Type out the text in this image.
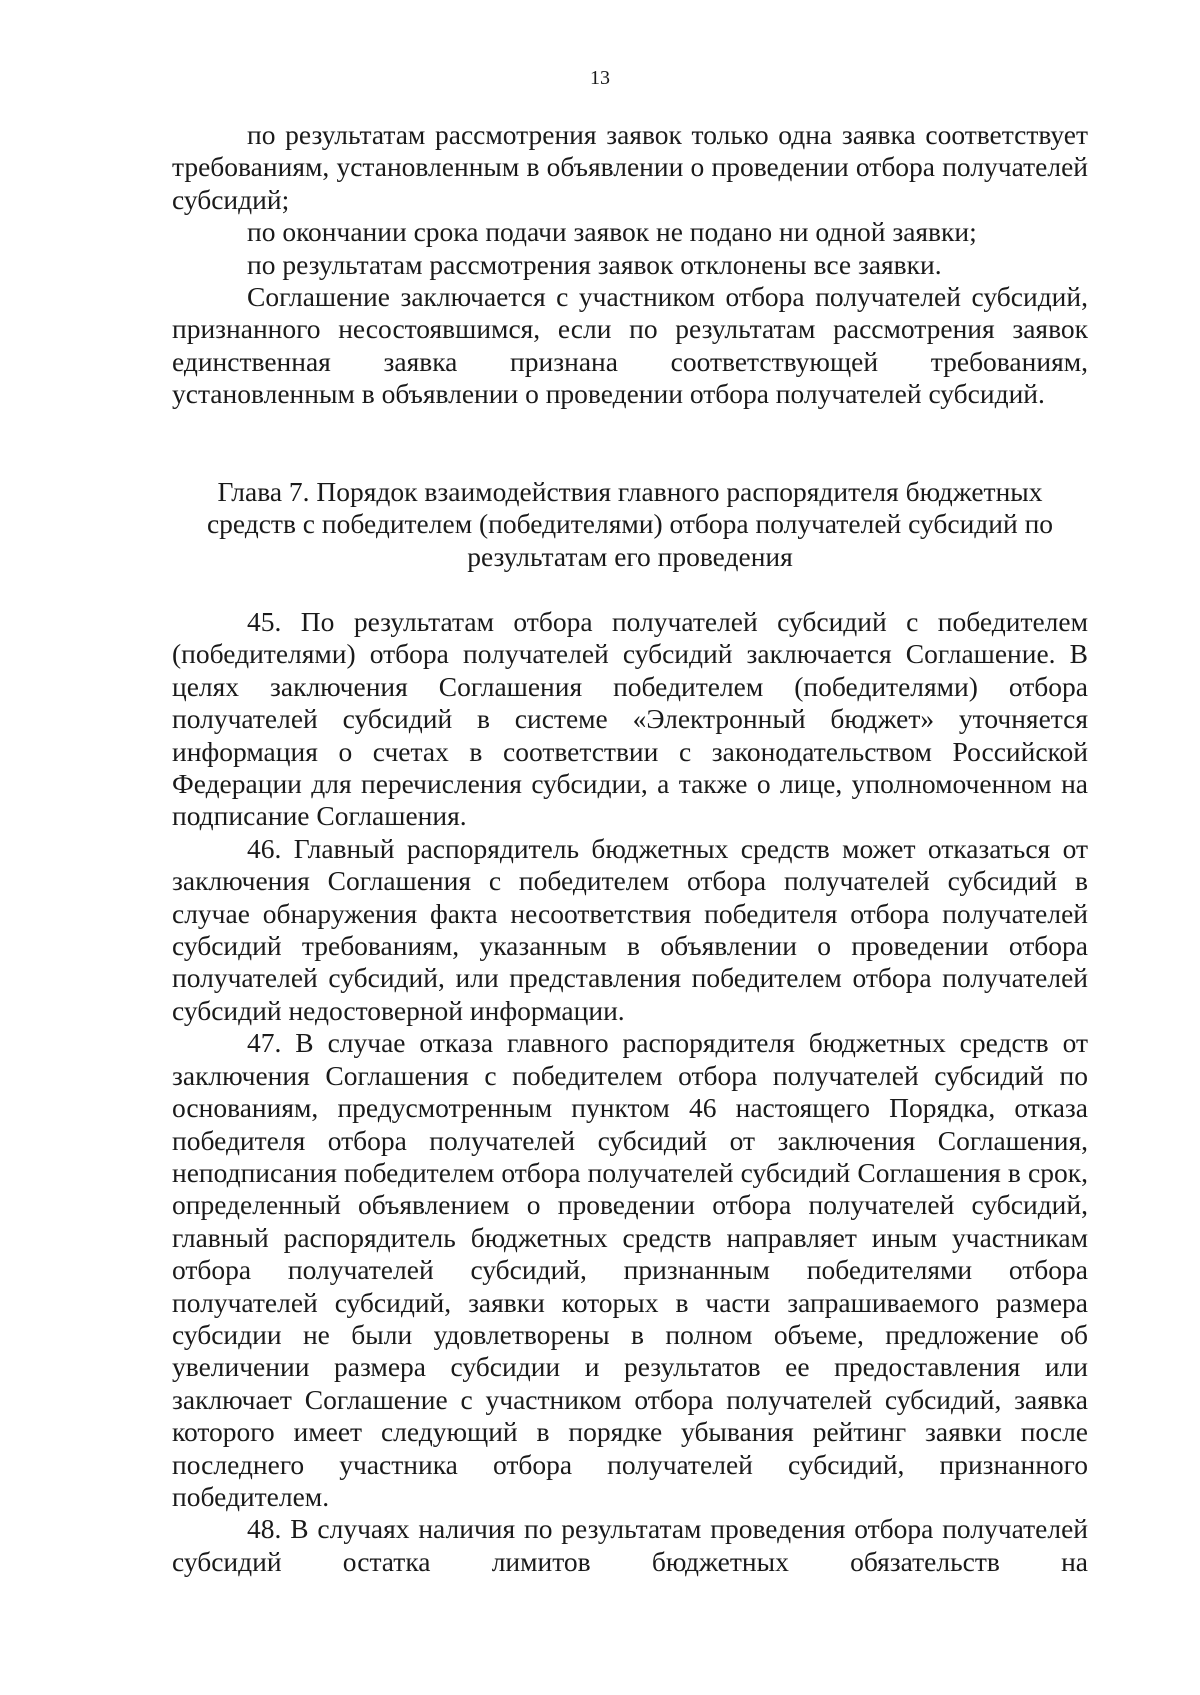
13

по результатам рассмотрения заявок только одна заявка соответствует требованиям, установленным в объявлении о проведении отбора получателей субсидий;

по окончании срока подачи заявок не подано ни одной заявки;

по результатам рассмотрения заявок отклонены все заявки.

Соглашение заключается с участником отбора получателей субсидий, признанного несостоявшимся, если по результатам рассмотрения заявок единственная заявка признана соответствующей требованиям, установленным в объявлении о проведении отбора получателей субсидий.

Глава 7. Порядок взаимодействия главного распорядителя бюджетных средств с победителем (победителями) отбора получателей субсидий по результатам его проведения

45. По результатам отбора получателей субсидий с победителем (победителями) отбора получателей субсидий заключается Соглашение. В целях заключения Соглашения победителем (победителями) отбора получателей субсидий в системе «Электронный бюджет» уточняется информация о счетах в соответствии с законодательством Российской Федерации для перечисления субсидии, а также о лице, уполномоченном на подписание Соглашения.

46. Главный распорядитель бюджетных средств может отказаться от заключения Соглашения с победителем отбора получателей субсидий в случае обнаружения факта несоответствия победителя отбора получателей субсидий требованиям, указанным в объявлении о проведении отбора получателей субсидий, или представления победителем отбора получателей субсидий недостоверной информации.

47. В случае отказа главного распорядителя бюджетных средств от заключения Соглашения с победителем отбора получателей субсидий по основаниям, предусмотренным пунктом 46 настоящего Порядка, отказа победителя отбора получателей субсидий от заключения Соглашения, неподписания победителем отбора получателей субсидий Соглашения в срок, определенный объявлением о проведении отбора получателей субсидий, главный распорядитель бюджетных средств направляет иным участникам отбора получателей субсидий, признанным победителями отбора получателей субсидий, заявки которых в части запрашиваемого размера субсидии не были удовлетворены в полном объеме, предложение об увеличении размера субсидии и результатов ее предоставления или заключает Соглашение с участником отбора получателей субсидий, заявка которого имеет следующий в порядке убывания рейтинг заявки после последнего участника отбора получателей субсидий, признанного победителем.

48. В случаях наличия по результатам проведения отбора получателей субсидий остатка лимитов бюджетных обязательств на
